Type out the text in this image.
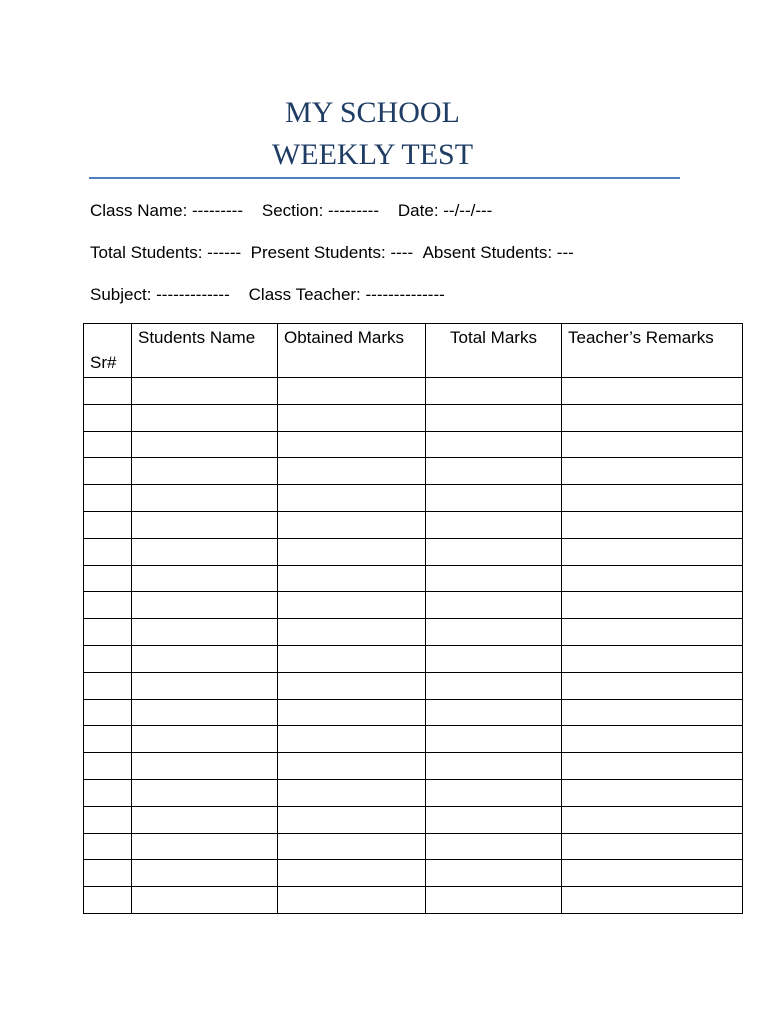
MY SCHOOL
WEEKLY TEST
Class Name: --------- Section: --------- Date: --/--/---
Total Students: ------ Present Students: ---- Absent Students: ---
Subject: ------------- Class Teacher: --------------
Sr#	Students Name	Obtained Marks	Total Marks	Teacher’s Remarks
